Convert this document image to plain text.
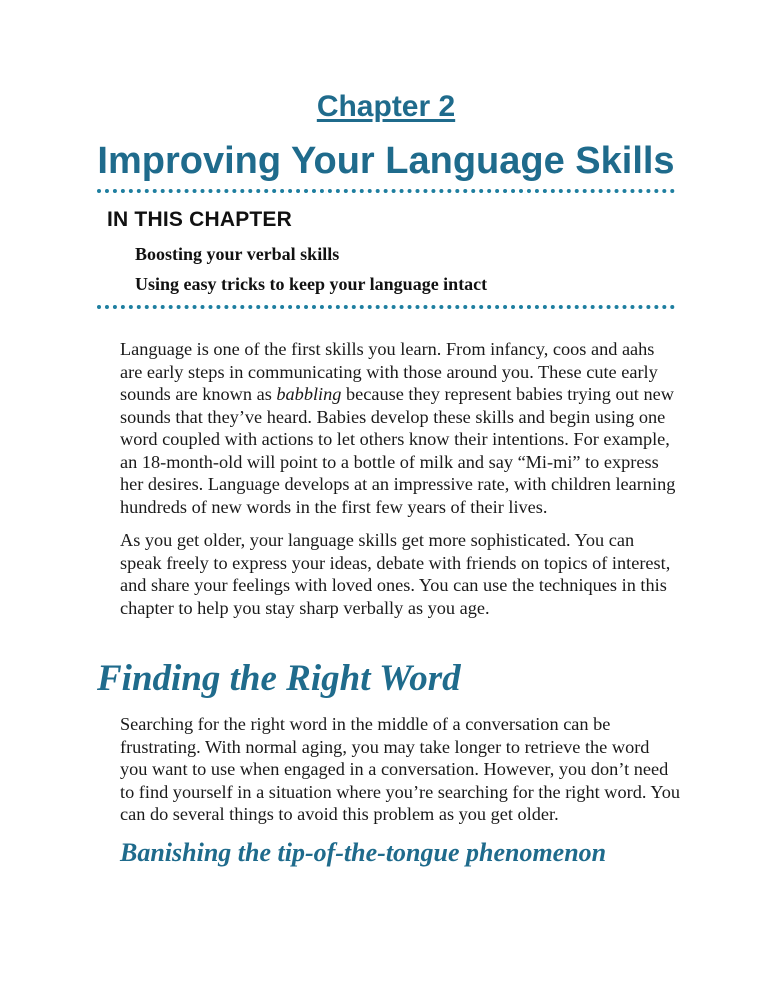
Chapter 2
Improving Your Language Skills
IN THIS CHAPTER
Boosting your verbal skills
Using easy tricks to keep your language intact

Language is one of the first skills you learn. From infancy, coos and aahs are early steps in communicating with those around you. These cute early sounds are known as babbling because they represent babies trying out new sounds that they’ve heard. Babies develop these skills and begin using one word coupled with actions to let others know their intentions. For example, an 18-month-old will point to a bottle of milk and say “Mi-mi” to express her desires. Language develops at an impressive rate, with children learning hundreds of new words in the first few years of their lives.

As you get older, your language skills get more sophisticated. You can speak freely to express your ideas, debate with friends on topics of interest, and share your feelings with loved ones. You can use the techniques in this chapter to help you stay sharp verbally as you age.

Finding the Right Word

Searching for the right word in the middle of a conversation can be frustrating. With normal aging, you may take longer to retrieve the word you want to use when engaged in a conversation. However, you don’t need to find yourself in a situation where you’re searching for the right word. You can do several things to avoid this problem as you get older.

Banishing the tip-of-the-tongue phenomenon
